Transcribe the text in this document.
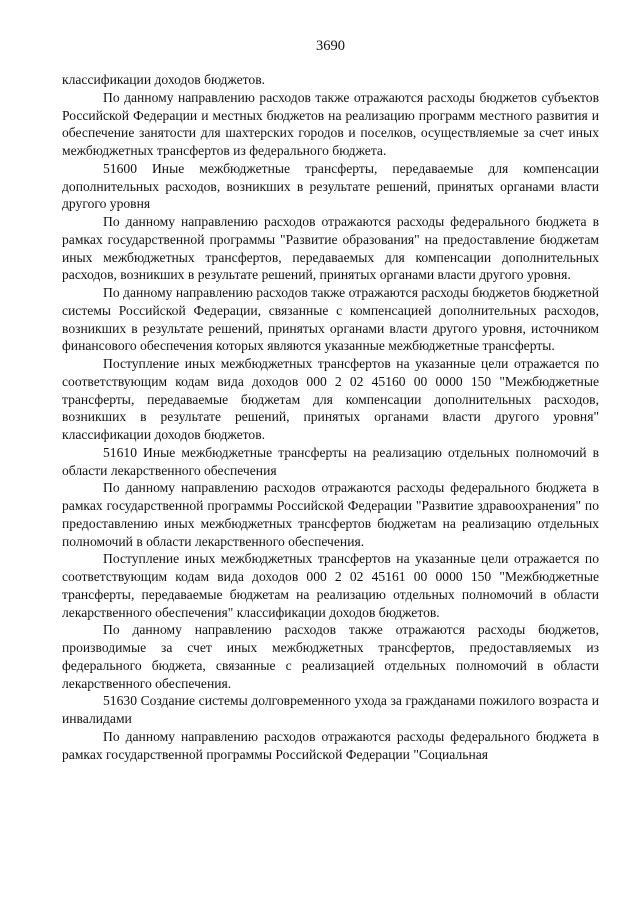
3690

классификации доходов бюджетов.

По данному направлению расходов также отражаются расходы бюджетов субъектов Российской Федерации и местных бюджетов на реализацию программ местного развития и обеспечение занятости для шахтерских городов и поселков, осуществляемые за счет иных межбюджетных трансфертов из федерального бюджета.

51600 Иные межбюджетные трансферты, передаваемые для компенсации дополнительных расходов, возникших в результате решений, принятых органами власти другого уровня

По данному направлению расходов отражаются расходы федерального бюджета в рамках государственной программы "Развитие образования" на предоставление бюджетам иных межбюджетных трансфертов, передаваемых для компенсации дополнительных расходов, возникших в результате решений, принятых органами власти другого уровня.

По данному направлению расходов также отражаются расходы бюджетов бюджетной системы Российской Федерации, связанные с компенсацией дополнительных расходов, возникших в результате решений, принятых органами власти другого уровня, источником финансового обеспечения которых являются указанные межбюджетные трансферты.

Поступление иных межбюджетных трансфертов на указанные цели отражается по соответствующим кодам вида доходов 000 2 02 45160 00 0000 150 "Межбюджетные трансферты, передаваемые бюджетам для компенсации дополнительных расходов, возникших в результате решений, принятых органами власти другого уровня" классификации доходов бюджетов.

51610 Иные межбюджетные трансферты на реализацию отдельных полномочий в области лекарственного обеспечения

По данному направлению расходов отражаются расходы федерального бюджета в рамках государственной программы Российской Федерации "Развитие здравоохранения" по предоставлению иных межбюджетных трансфертов бюджетам на реализацию отдельных полномочий в области лекарственного обеспечения.

Поступление иных межбюджетных трансфертов на указанные цели отражается по соответствующим кодам вида доходов 000 2 02 45161 00 0000 150 "Межбюджетные трансферты, передаваемые бюджетам на реализацию отдельных полномочий в области лекарственного обеспечения" классификации доходов бюджетов.

По данному направлению расходов также отражаются расходы бюджетов, производимые за счет иных межбюджетных трансфертов, предоставляемых из федерального бюджета, связанные с реализацией отдельных полномочий в области лекарственного обеспечения.

51630 Создание системы долговременного ухода за гражданами пожилого возраста и инвалидами

По данному направлению расходов отражаются расходы федерального бюджета в рамках государственной программы Российской Федерации "Социальная
